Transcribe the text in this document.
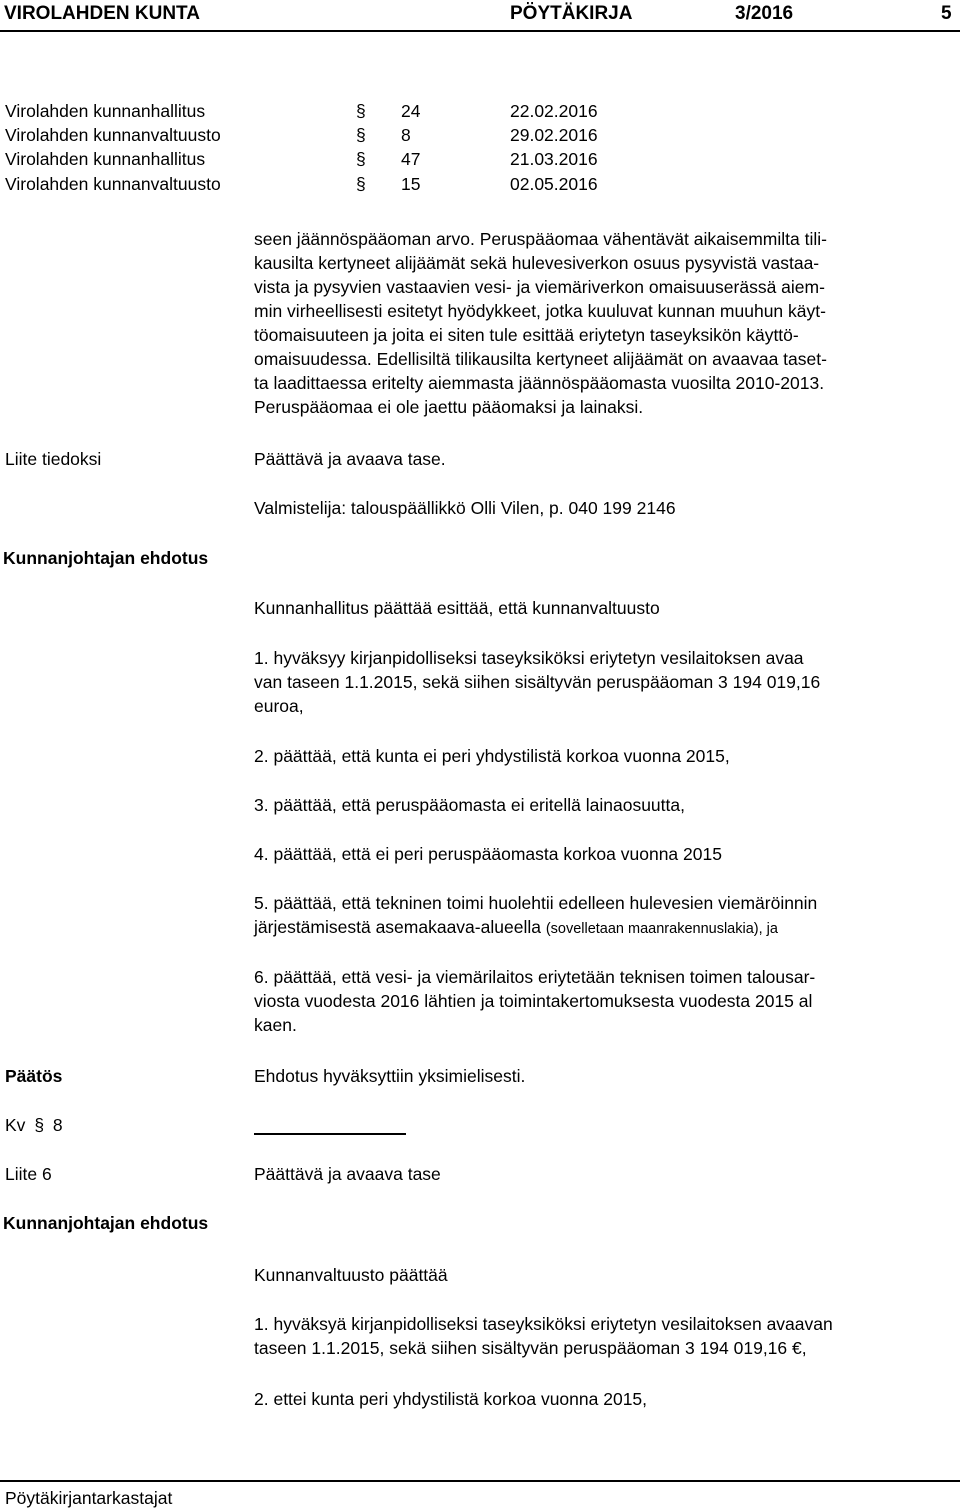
VIROLAHDEN KUNTA	PÖYTÄKIRJA	3/2016	5
Virolahden kunnanhallitus	§ 24	22.02.2016
Virolahden kunnanvaltuusto	§ 8	29.02.2016
Virolahden kunnanhallitus	§ 47	21.03.2016
Virolahden kunnanvaltuusto	§ 15	02.05.2016
seen jäännöspääoman arvo. Peruspääomaa vähentävät aikaisemmilta tili-
kausilta kertyneet alijäämät sekä hulevesiverkon osuus pysyvistä vastaa-
vista ja pysyvien vastaavien vesi- ja viemäriverkon omaisuuserässä aiem-
min virheellisesti esitetyt hyödykkeet, jotka kuuluvat kunnan muuhun käyt-
töomaisuuteen ja joita ei siten tule esittää eriytetyn taseyksikön käyttö-
omaisuudessa. Edellisiltä tilikausilta kertyneet alijäämät on avaavaa taset-
ta laadittaessa eritelty aiemmasta jäännöspääomasta vuosilta 2010-2013.
Peruspääomaa ei ole jaettu pääomaksi ja lainaksi.
Liite tiedoksi	Päättävä ja avaava tase.
Valmistelija: talouspäällikkö Olli Vilen, p. 040 199 2146
Kunnanjohtajan ehdotus
Kunnanhallitus päättää esittää, että kunnanvaltuusto
1. hyväksyy kirjanpidolliseksi taseyksiköksi eriytetyn vesilaitoksen avaa
van taseen 1.1.2015, sekä siihen sisältyvän peruspääoman 3 194 019,16
euroa,
2. päättää, että kunta ei peri yhdystilistä korkoa vuonna 2015,
3. päättää, että peruspääomasta ei eritellä lainaosuutta,
4. päättää, että ei peri peruspääomasta korkoa vuonna 2015
5. päättää, että tekninen toimi huolehtii edelleen hulevesien viemäröinnin
järjestämisestä asemakaava-alueella (sovelletaan maanrakennuslakia), ja
6. päättää, että vesi- ja viemärilaitos eriytetään teknisen toimen talousar-
viosta vuodesta 2016 lähtien ja toimintakertomuksesta vuodesta 2015 al
kaen.
Päätös	Ehdotus hyväksyttiin yksimielisesti.
Kv § 8
Liite 6	Päättävä ja avaava tase
Kunnanjohtajan ehdotus
Kunnanvaltuusto päättää
1. hyväksyä kirjanpidolliseksi taseyksiköksi eriytetyn vesilaitoksen avaavan
taseen 1.1.2015, sekä siihen sisältyvän peruspääoman 3 194 019,16 €,
2. ettei kunta peri yhdystilistä korkoa vuonna 2015,
Pöytäkirjantarkastajat
